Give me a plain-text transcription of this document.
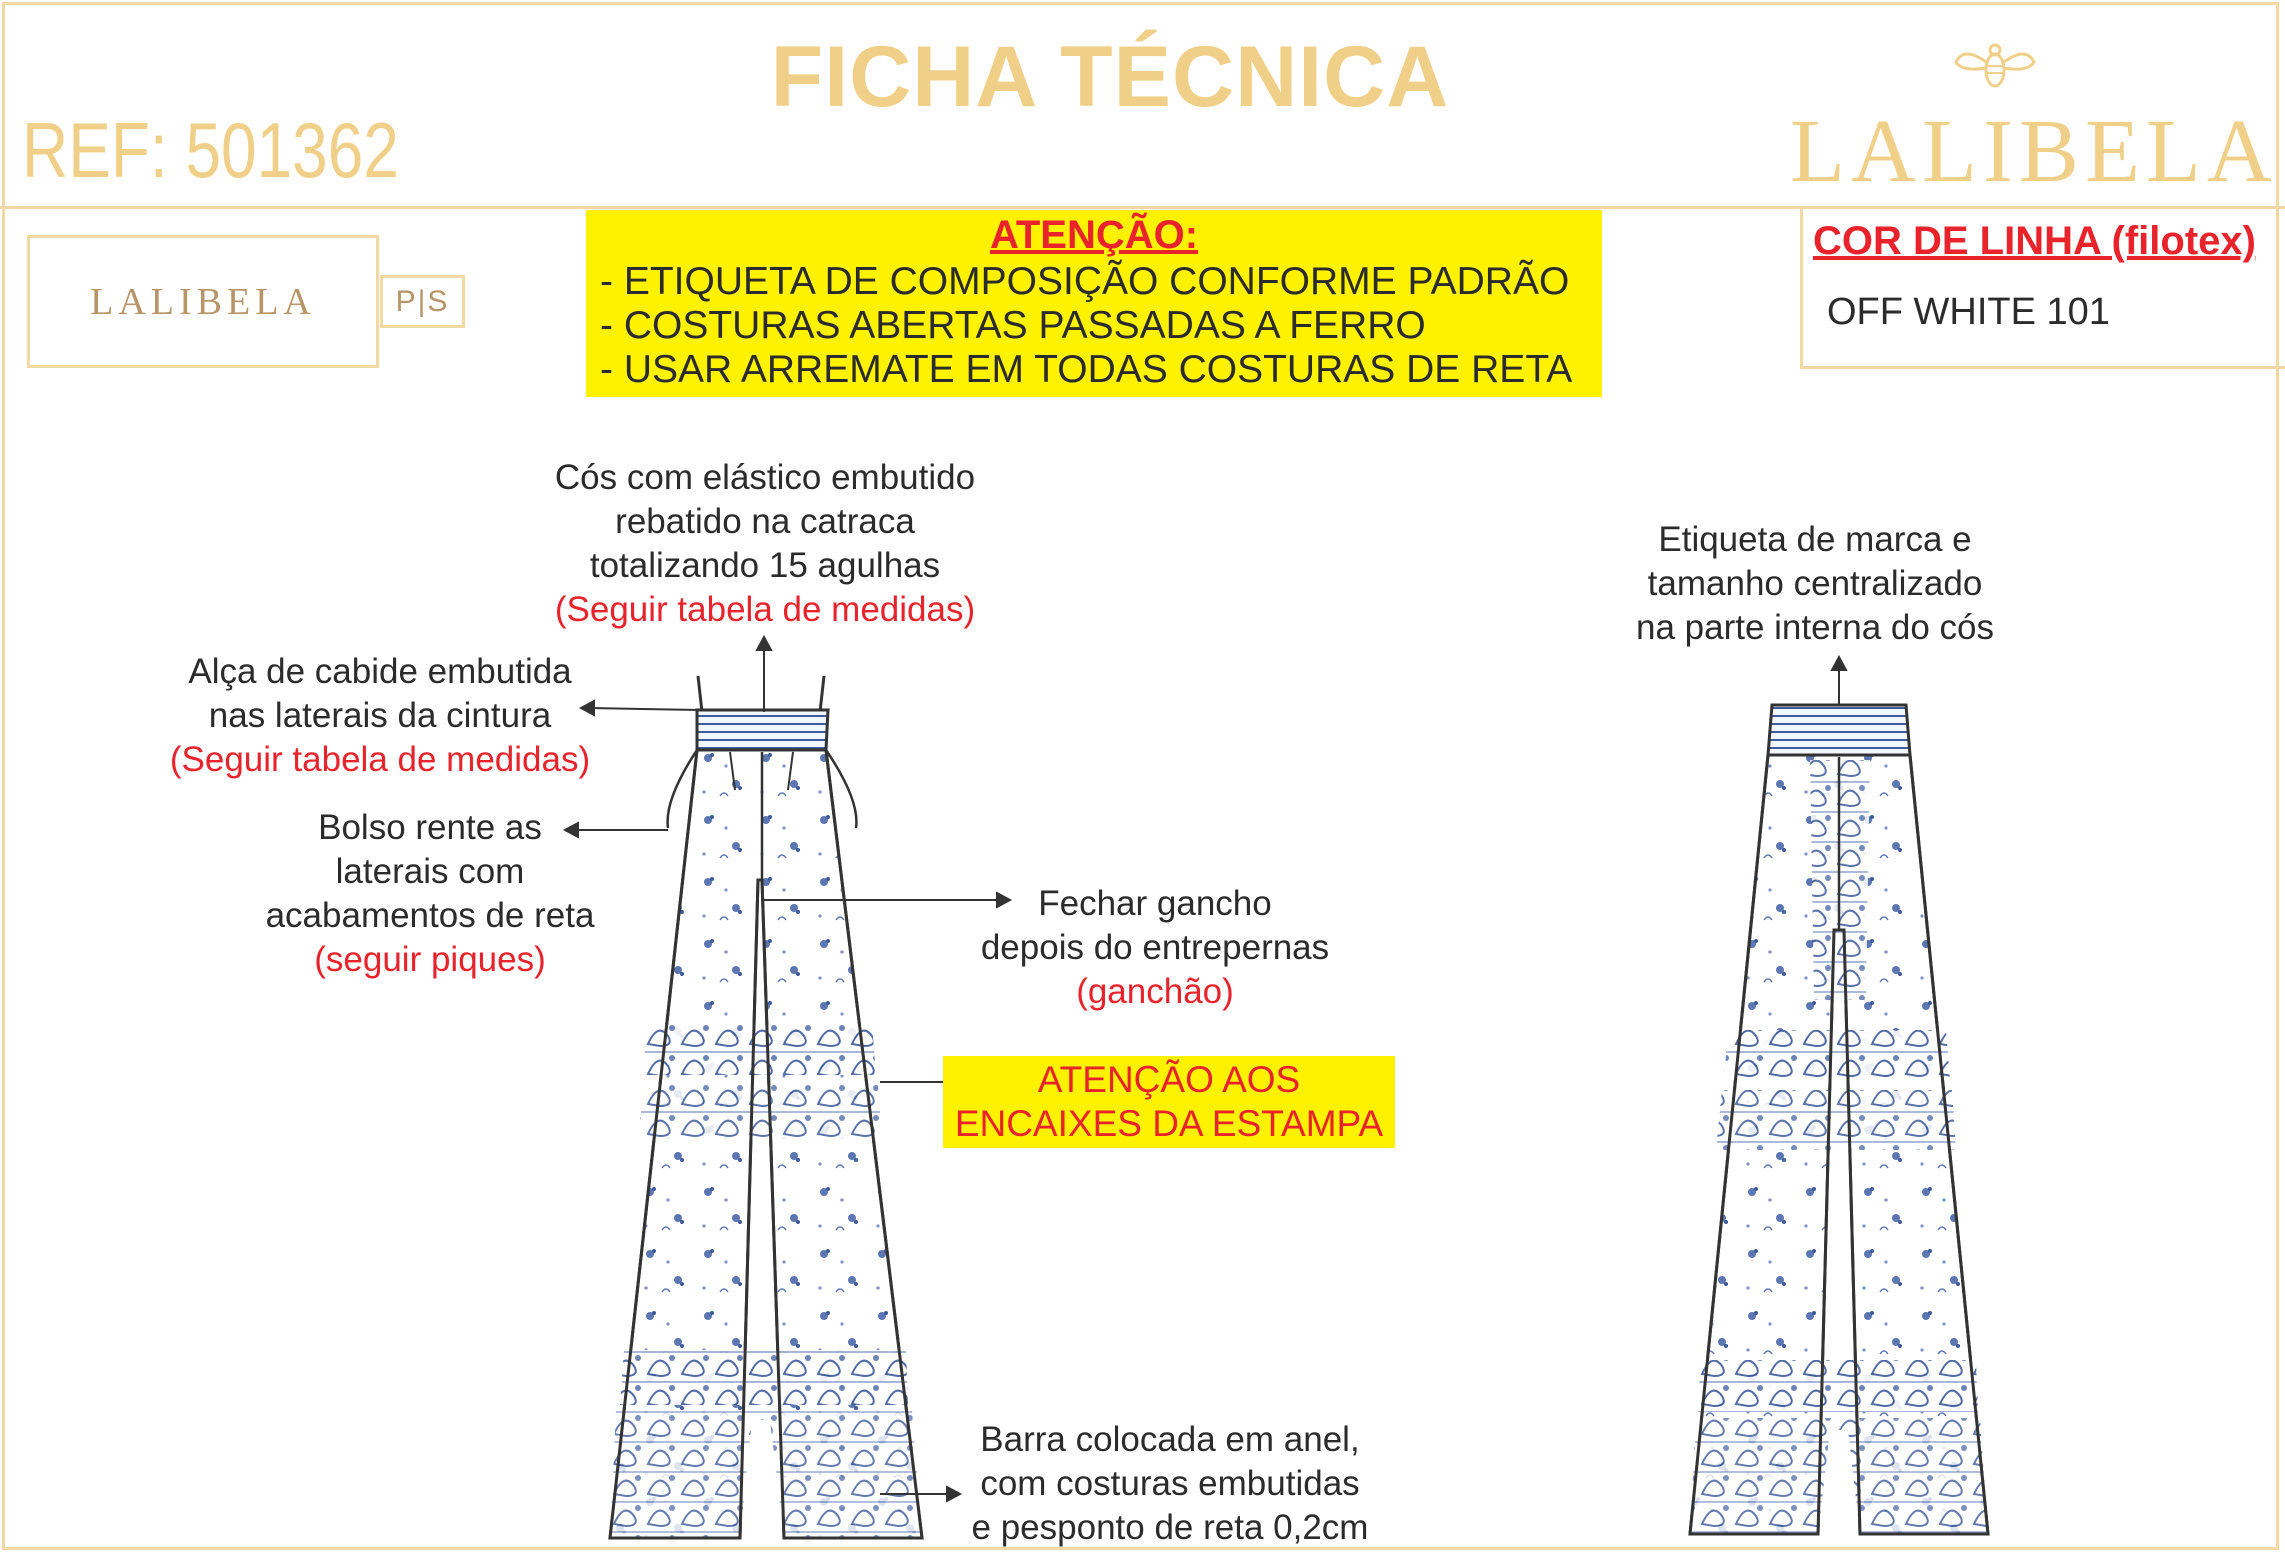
FICHA TÉCNICA
REF: 501362	LALIBELA
LALIBELA	P|S
ATENÇÃO:
- ETIQUETA DE COMPOSIÇÃO CONFORME PADRÃO
- COSTURAS ABERTAS PASSADAS A FERRO
- USAR ARREMATE EM TODAS COSTURAS DE RETA
COR DE LINHA (filotex)
OFF WHITE 101
Cós com elástico embutido
rebatido na catraca
totalizando 15 agulhas
(Seguir tabela de medidas)
Alça de cabide embutida
nas laterais da cintura
(Seguir tabela de medidas)
Bolso rente as
laterais com
acabamentos de reta
(seguir piques)
Fechar gancho
depois do entrepernas
(ganchão)
ATENÇÃO AOS
ENCAIXES DA ESTAMPA
Barra colocada em anel,
com costuras embutidas
e pesponto de reta 0,2cm
Etiqueta de marca e
tamanho centralizado
na parte interna do cós
